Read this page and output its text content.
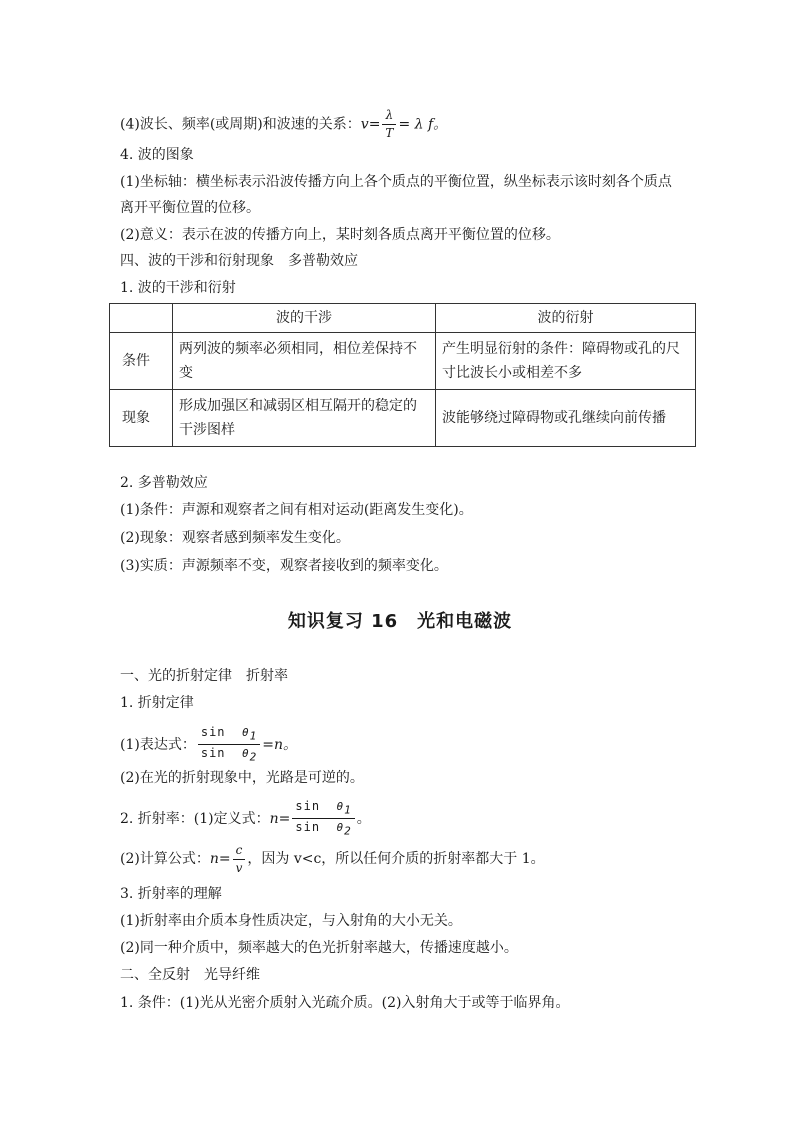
(4)波长、频率(或周期)和波速的关系：$v= \frac{\lambda}{T} = \lambda$ f。
4. 波的图象
(1)坐标轴：横坐标表示沿波传播方向上各个质点的平衡位置，纵坐标表示该时刻各个质点
离开平衡位置的位移。
(2)意义：表示在波的传播方向上，某时刻各质点离开平衡位置的位移。
四、波的干涉和衍射现象　多普勒效应
1. 波的干涉和衍射
	波的干涉	波的衍射
条件	两列波的频率必须相同，相位差保持不变	产生明显衍射的条件：障碍物或孔的尺寸比波长小或相差不多
现象	形成加强区和减弱区相互隔开的稳定的干涉图样	波能够绕过障碍物或孔继续向前传播
2. 多普勒效应
(1)条件：声源和观察者之间有相对运动(距离发生变化)。
(2)现象：观察者感到频率发生变化。
(3)实质：声源频率不变，观察者接收到的频率变化。
知识复习 16　光和电磁波
一、光的折射定律　折射率
1. 折射定律
(1)表达式： $\frac{\sin \theta_1}{\sin \theta_2} =n$。
(2)在光的折射现象中，光路是可逆的。
2. 折射率：(1)定义式：$n= \frac{\sin \theta_1}{\sin \theta_2}$ 。
(2)计算公式：$n= \frac{c}{v}$ ，因为 v<c，所以任何介质的折射率都大于 1。
3. 折射率的理解
(1)折射率由介质本身性质决定，与入射角的大小无关。
(2)同一种介质中，频率越大的色光折射率越大，传播速度越小。
二、全反射　光导纤维
1. 条件：(1)光从光密介质射入光疏介质。(2)入射角大于或等于临界角。
